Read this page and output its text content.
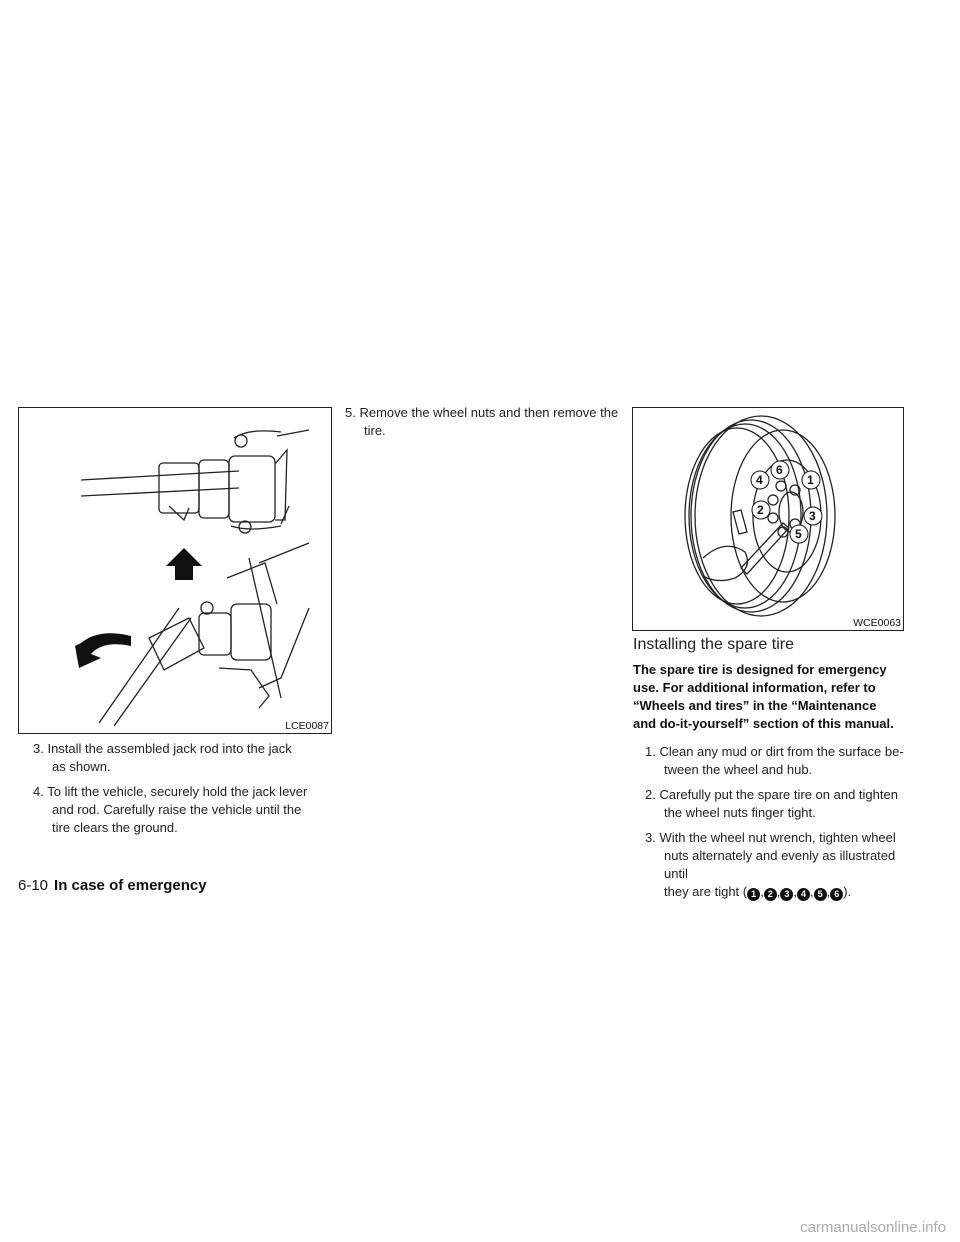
LCE0087
6
1
4
2	3
5
WCE0063
3. Install the assembled jack rod into the jack
as shown.
4. To lift the vehicle, securely hold the jack lever
and rod. Carefully raise the vehicle until the
tire clears the ground.
5. Remove the wheel nuts and then remove the
tire.
Installing the spare tire
The spare tire is designed for emergency
use. For additional information, refer to
“Wheels and tires” in the “Maintenance
and do-it-yourself” section of this manual.
1. Clean any mud or dirt from the surface be-
tween the wheel and hub.
2. Carefully put the spare tire on and tighten
the wheel nuts finger tight.
3. With the wheel nut wrench, tighten wheel
nuts alternately and evenly as illustrated until
they are tight ( 1 , 2 , 3 , 4 , 5 , 6 ).
6-10 In case of emergency
carmanualsonline.info
